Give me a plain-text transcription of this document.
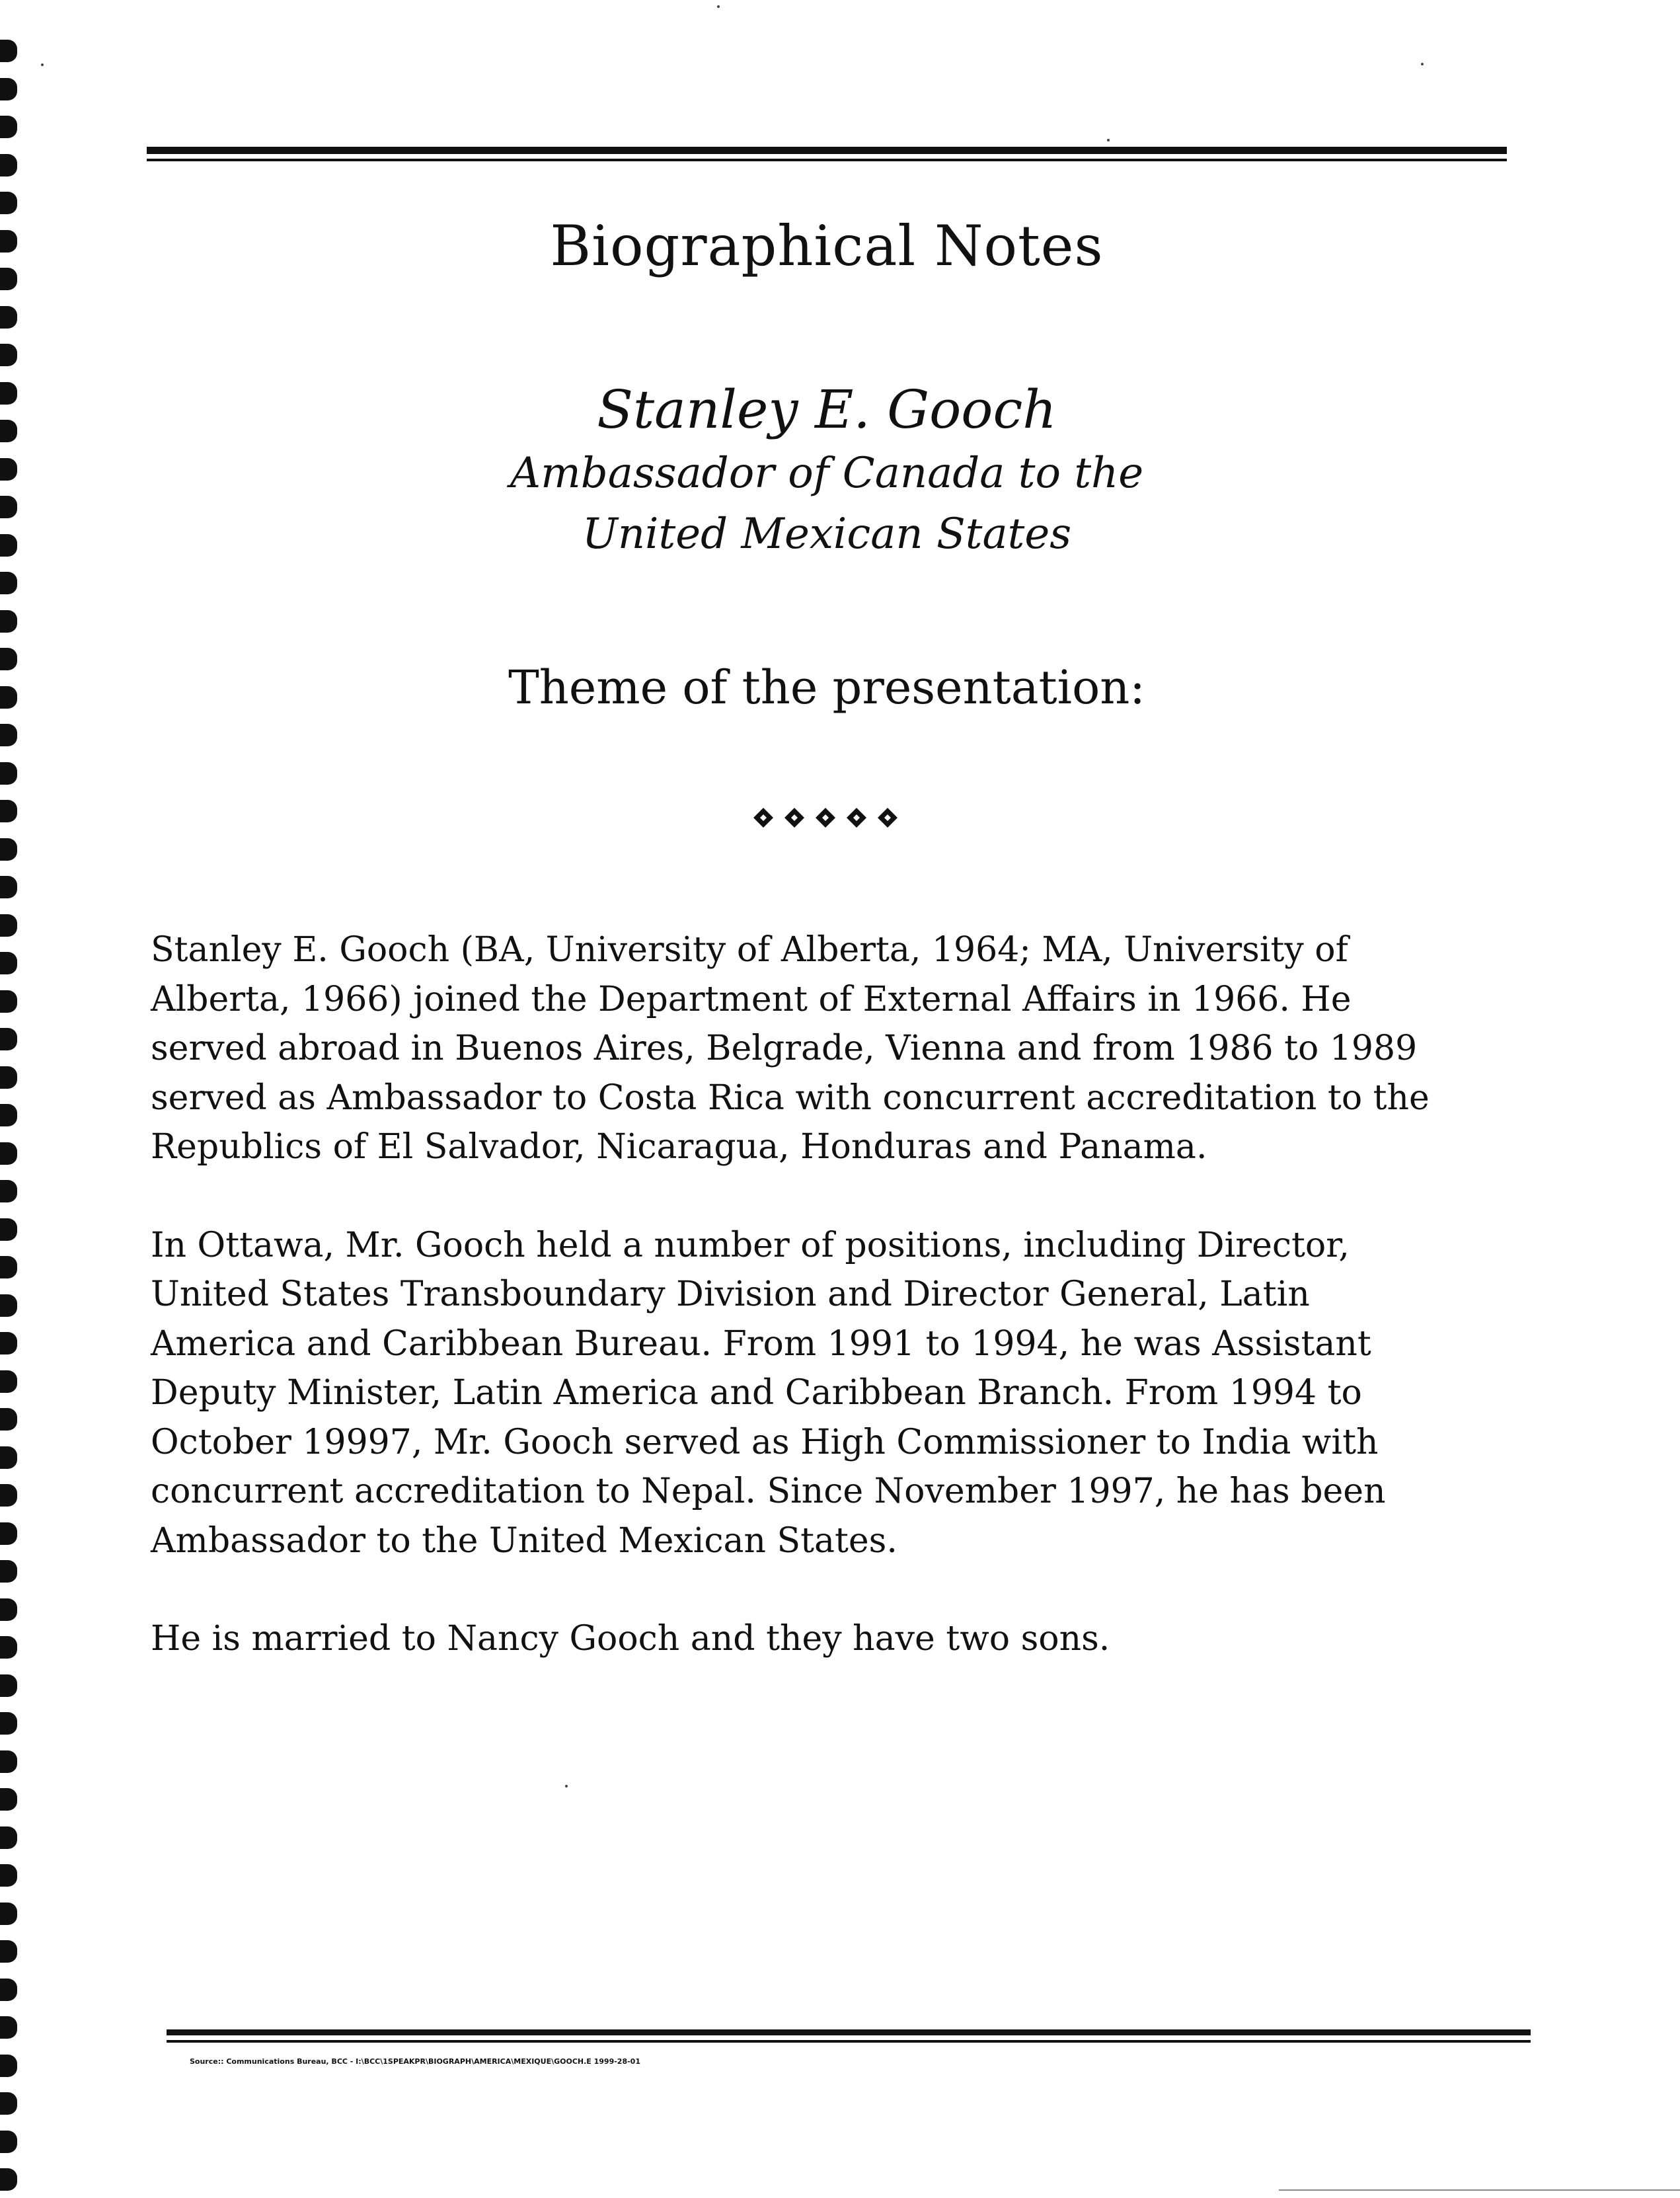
Biographical Notes
Stanley E. Gooch
Ambassador of Canada to the
United Mexican States
Theme of the presentation:

Stanley E. Gooch (BA, University of Alberta, 1964; MA, University of
Alberta, 1966) joined the Department of External Affairs in 1966. He
served abroad in Buenos Aires, Belgrade, Vienna and from 1986 to 1989
served as Ambassador to Costa Rica with concurrent accreditation to the
Republics of El Salvador, Nicaragua, Honduras and Panama.

In Ottawa, Mr. Gooch held a number of positions, including Director,
United States Transboundary Division and Director General, Latin
America and Caribbean Bureau. From 1991 to 1994, he was Assistant
Deputy Minister, Latin America and Caribbean Branch. From 1994 to
October 19997, Mr. Gooch served as High Commissioner to India with
concurrent accreditation to Nepal. Since November 1997, he has been
Ambassador to the United Mexican States.

He is married to Nancy Gooch and they have two sons.

Source:: Communications Bureau, BCC - I:\BCC\1SPEAKPR\BIOGRAPH\AMERICA\MEXIQUE\GOOCH.E 1999-28-01
